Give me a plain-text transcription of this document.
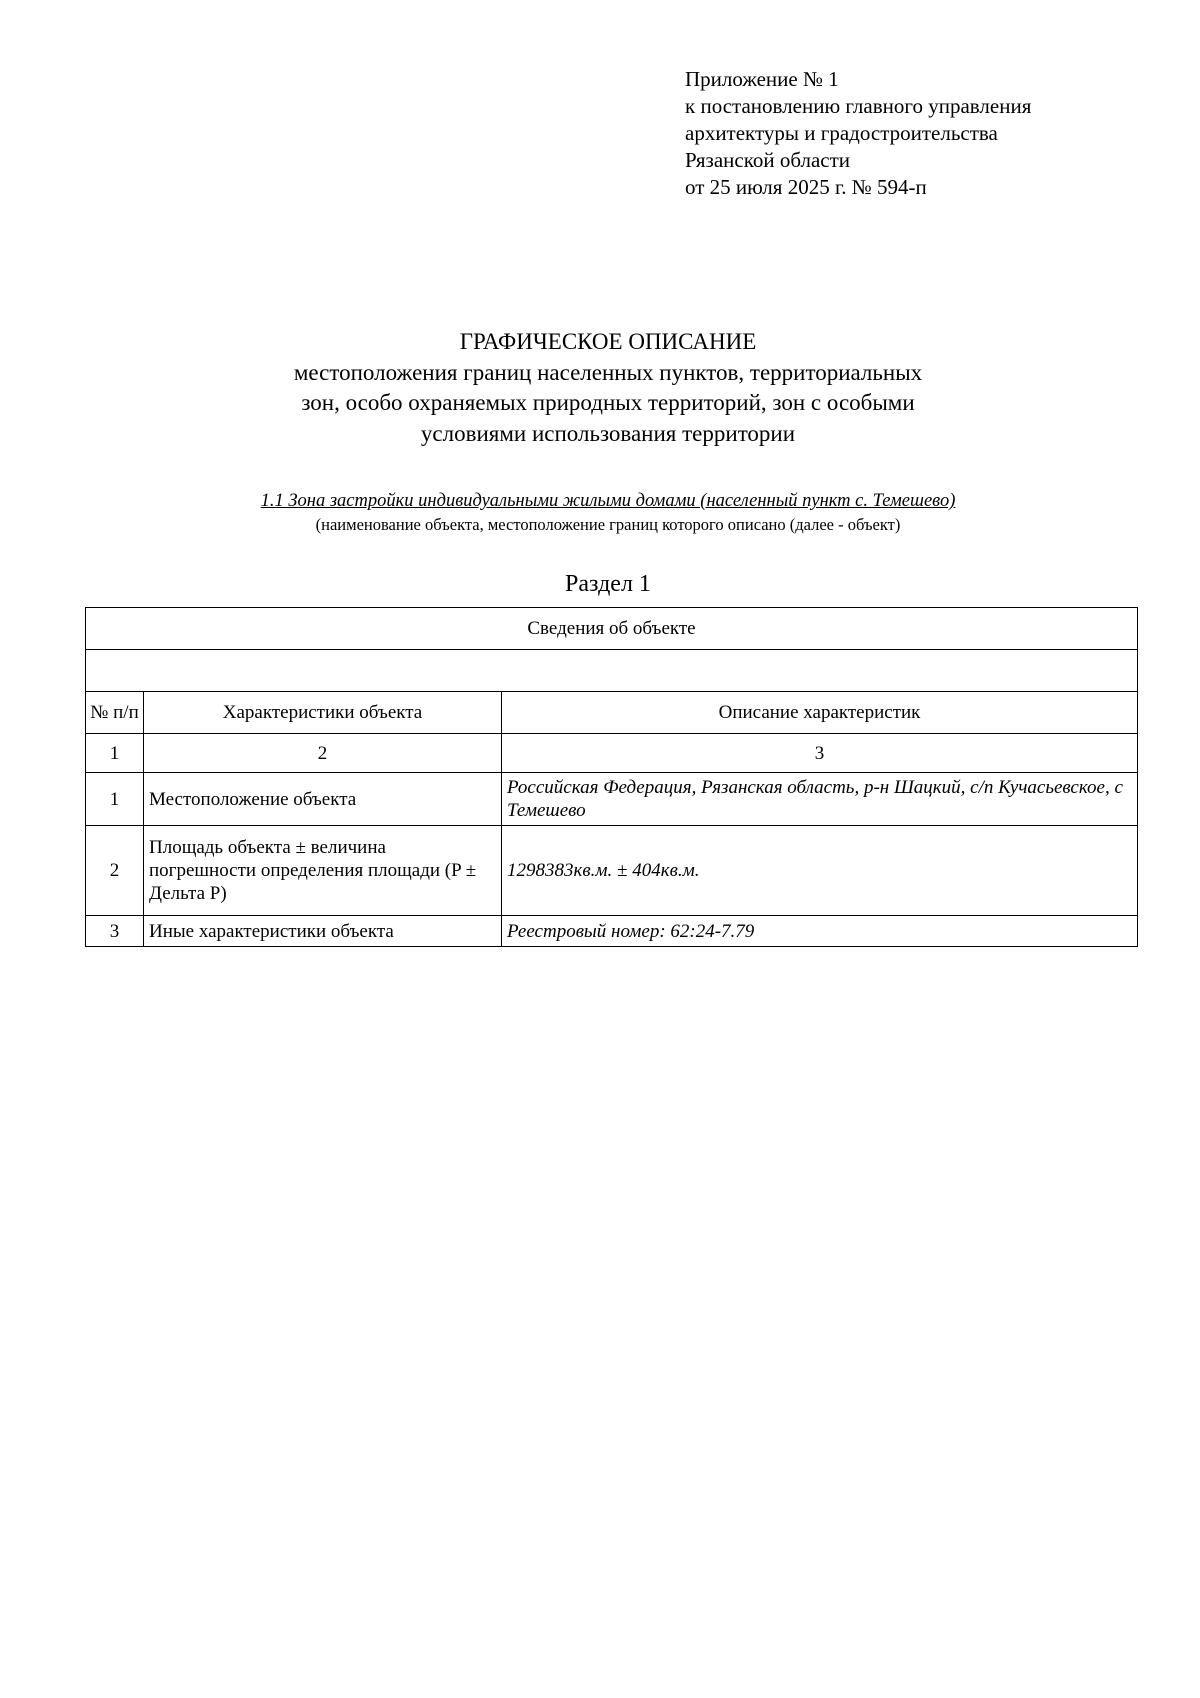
Приложение № 1
к постановлению главного управления
архитектуры и градостроительства
Рязанской области
от 25 июля 2025 г. № 594-п
ГРАФИЧЕСКОЕ ОПИСАНИЕ
местоположения границ населенных пунктов, территориальных
зон, особо охраняемых природных территорий, зон с особыми
условиями использования территории
1.1 Зона застройки индивидуальными жилыми домами (населенный пункт с. Темешево)
(наименование объекта, местоположение границ которого описано (далее - объект)
Раздел 1
Сведения об объекте		

№ п/п	Характеристики объекта	Описание характеристик
1	2	3
1	Местоположение объекта	Российская Федерация, Рязанская область, р-н Шацкий, с/п Кучасьевское, с Темешево
2	Площадь объекта ± величина погрешности определения площади (P ± Дельта P)	1298383кв.м. ± 404кв.м.
3	Иные характеристики объекта	Реестровый номер: 62:24-7.79
